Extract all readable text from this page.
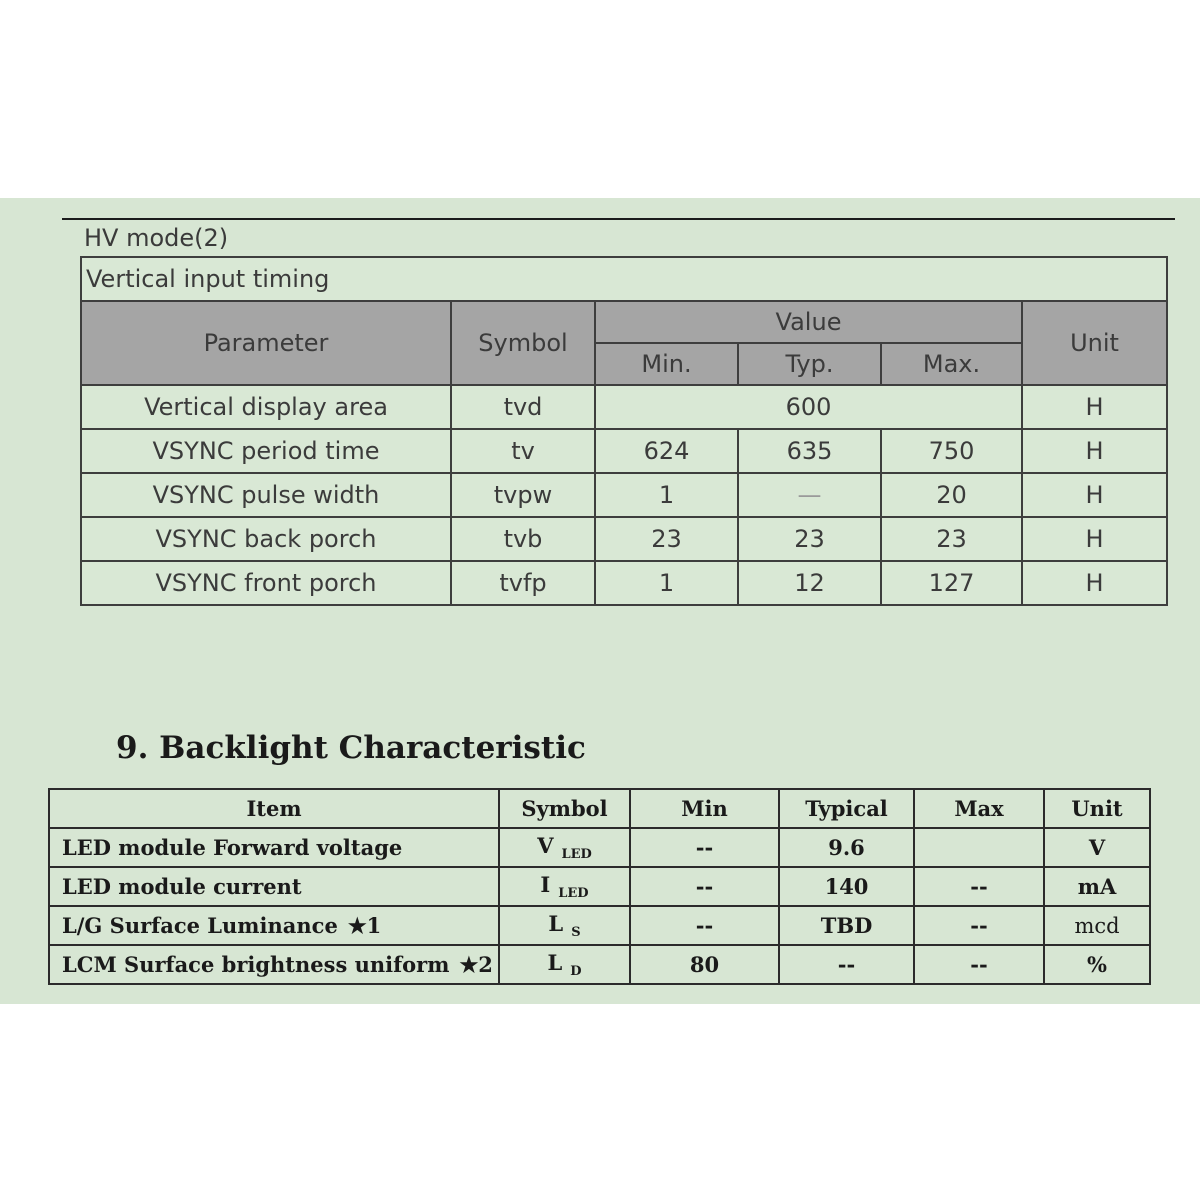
HV mode(2)
Vertical input timing					
Parameter	Symbol	Value			Unit
		Min.	Typ.	Max.	
Vertical display area	tvd	600			H
VSYNC period time	tv	624	635	750	H
VSYNC pulse width	tvpw	1	—	20	H
VSYNC back porch	tvb	23	23	23	H
VSYNC front porch	tvfp	1	12	127	H
9. Backlight Characteristic
Item	Symbol	Min	Typical	Max	Unit
LED module Forward voltage	V $_{LED}$	--	9.6		V
LED module current	I $_{LED}$	--	140	--	mA
L/G Surface Luminance ★1	L $_S$	--	TBD	--	mcd
LCM Surface brightness uniform ★2	L $_D$	80	--	--	%
